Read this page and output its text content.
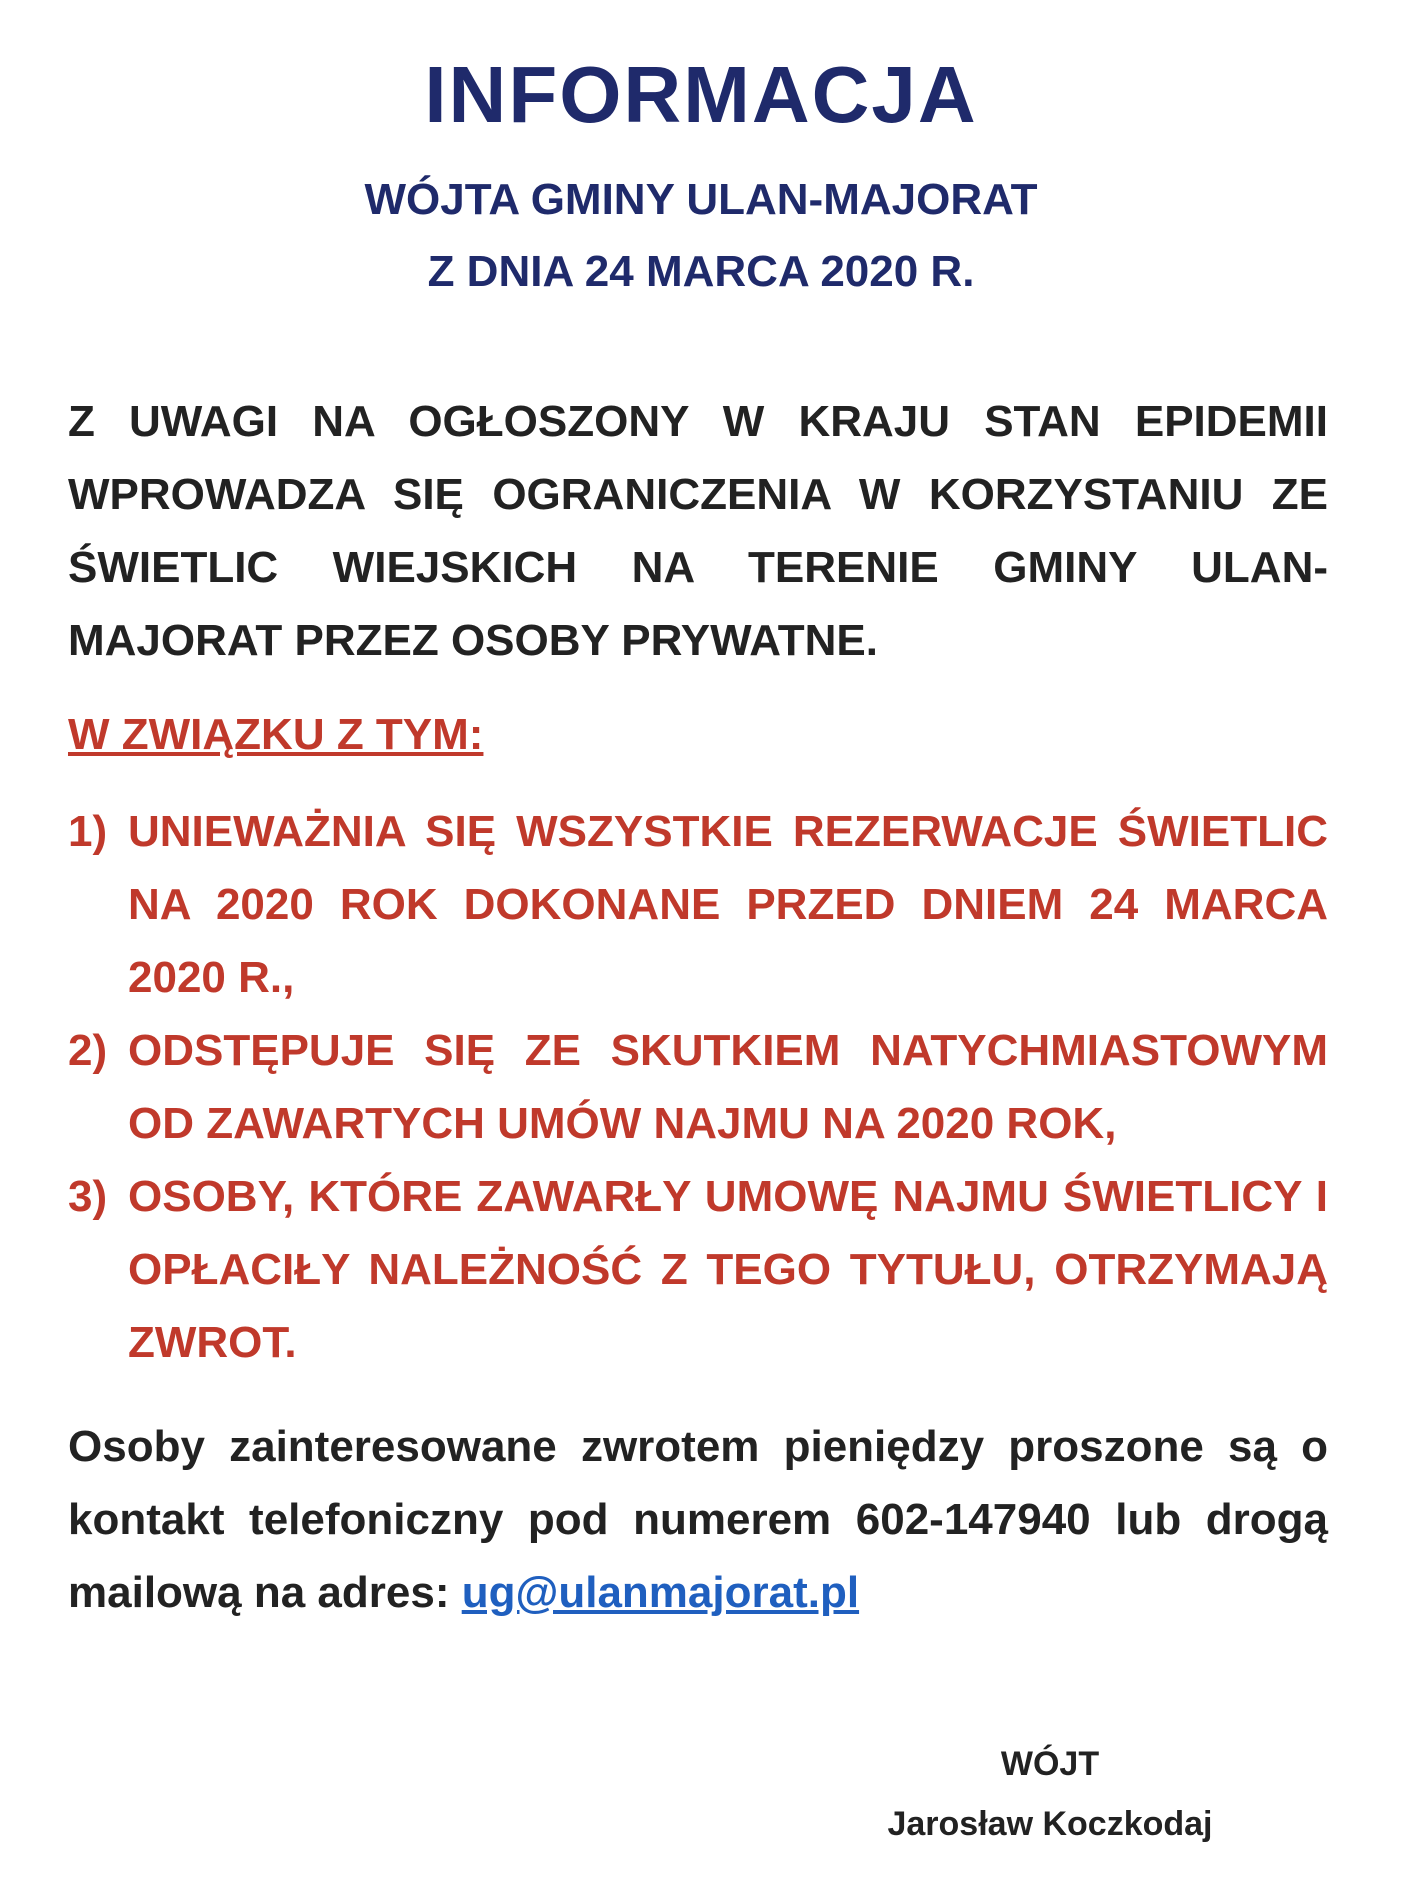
INFORMACJA
WÓJTA GMINY ULAN-MAJORAT
Z DNIA 24 MARCA 2020 R.
Z UWAGI NA OGŁOSZONY W KRAJU STAN EPIDEMII WPROWADZA SIĘ OGRANICZENIA W KORZYSTANIU ZE ŚWIETLIC WIEJSKICH NA TERENIE GMINY ULAN-MAJORAT PRZEZ OSOBY PRYWATNE.
W ZWIĄZKU Z TYM:
1) UNIEWAŻNIA SIĘ WSZYSTKIE REZERWACJE ŚWIETLIC NA 2020 ROK DOKONANE PRZED DNIEM 24 MARCA 2020 R.,
2) ODSTĘPUJE SIĘ ZE SKUTKIEM NATYCHMIASTOWYM OD ZAWARTYCH UMÓW NAJMU NA 2020 ROK,
3) OSOBY, KTÓRE ZAWARŁY UMOWĘ NAJMU ŚWIETLICY I OPŁACIŁY NALEŻNOŚĆ Z TEGO TYTUŁU, OTRZYMAJĄ ZWROT.
Osoby zainteresowane zwrotem pieniędzy proszone są o kontakt telefoniczny pod numerem 602-147940 lub drogą mailową na adres: ug@ulanmajorat.pl
WÓJT
Jarosław Koczkodaj
